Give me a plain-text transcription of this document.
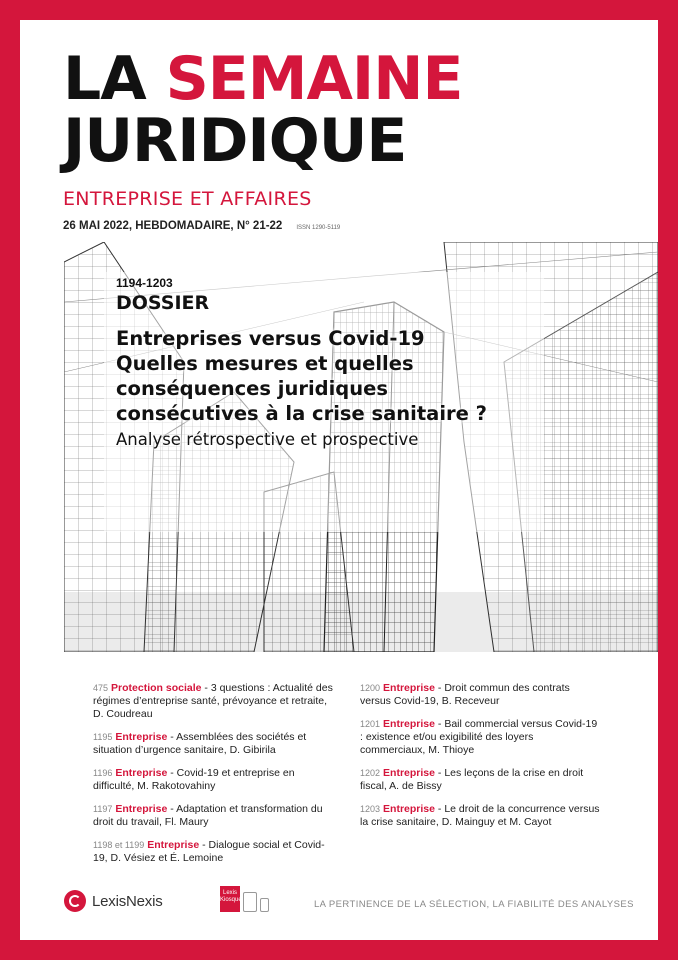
LA SEMAINE
JURIDIQUE
ENTREPRISE ET AFFAIRES
26 MAI 2022, HEBDOMADAIRE, N° 21-22 ISSN 1290-5119
1194-1203
DOSSIER
Entreprises versus Covid-19
Quelles mesures et quelles
conséquences juridiques
consécutives à la crise sanitaire ?
Analyse rétrospective et prospective
475 Protection sociale - 3 questions : Actualité des régimes d’entreprise santé, prévoyance et retraite, D. Coudreau
1195 Entreprise - Assemblées des sociétés et situation d’urgence sanitaire, D. Gibirila
1196 Entreprise - Covid-19 et entreprise en difficulté, M. Rakotovahiny
1197 Entreprise - Adaptation et transformation du droit du travail, Fl. Maury
1198 et 1199 Entreprise - Dialogue social et Covid-19, D. Vésiez et É. Lemoine
1200 Entreprise - Droit commun des contrats versus Covid-19, B. Receveur
1201 Entreprise - Bail commercial versus Covid-19 : existence et/ou exigibilité des loyers commerciaux, M. Thioye
1202 Entreprise - Les leçons de la crise en droit fiscal, A. de Bissy
1203 Entreprise - Le droit de la concurrence versus la crise sanitaire, D. Mainguy et M. Cayot
LexisNexis	Lexis
Kiosque	LA PERTINENCE DE LA SÉLECTION, LA FIABILITÉ DES ANALYSES
